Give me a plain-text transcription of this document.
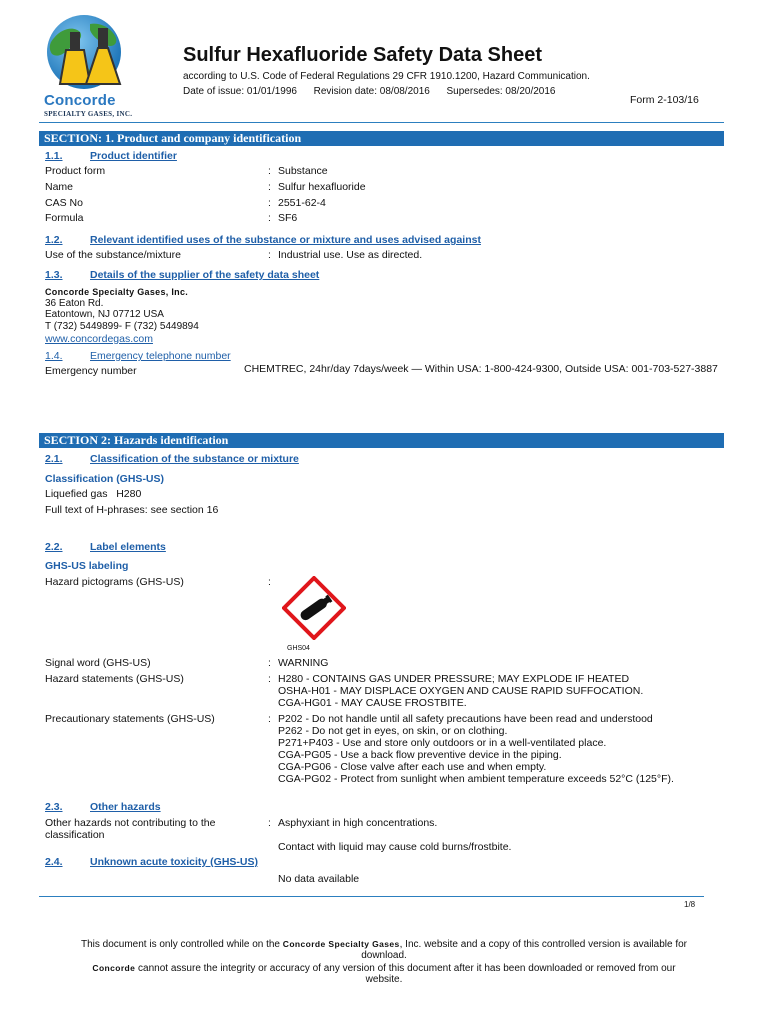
Concorde
SPECIALTY GASES, INC.
Sulfur Hexafluoride Safety Data Sheet
according to U.S. Code of Federal Regulations 29 CFR 1910.1200, Hazard Communication.
Date of issue: 01/01/1996      Revision date: 08/08/2016      Supersedes: 08/20/2016
Form 2-103/16
SECTION: 1. Product and company identification
1.1.	Product identifier
Product form	: Substance
Name	: Sulfur hexafluoride
CAS No	: 2551-62-4
Formula	: SF6
1.2.	Relevant identified uses of the substance or mixture and uses advised against
Use of the substance/mixture	: Industrial use. Use as directed.
1.3.	Details of the supplier of the safety data sheet
Concorde Specialty Gases, Inc.
36 Eaton Rd.
Eatontown, NJ 07712 USA
T (732) 5449899- F (732) 5449894
www.concordegas.com
1.4.	Emergency telephone number
Emergency number	CHEMTREC, 24hr/day 7days/week — Within USA: 1-800-424-9300, Outside USA: 001-703-527-3887
SECTION 2: Hazards identification
2.1.	Classification of the substance or mixture
Classification (GHS-US)
Liquefied gas   H280
Full text of H-phrases: see section 16
2.2.	Label elements
GHS-US labeling
Hazard pictograms (GHS-US)	:
GHS04
Signal word (GHS-US)	: WARNING
Hazard statements (GHS-US)	: H280 - CONTAINS GAS UNDER PRESSURE; MAY EXPLODE IF HEATED
OSHA-H01 - MAY DISPLACE OXYGEN AND CAUSE RAPID SUFFOCATION.
CGA-HG01 - MAY CAUSE FROSTBITE.
Precautionary statements (GHS-US)	: P202 - Do not handle until all safety precautions have been read and understood
P262 - Do not get in eyes, on skin, or on clothing.
P271+P403 - Use and store only outdoors or in a well-ventilated place.
CGA-PG05 - Use a back flow preventive device in the piping.
CGA-PG06 - Close valve after each use and when empty.
CGA-PG02 - Protect from sunlight when ambient temperature exceeds 52°C (125°F).
2.3.	Other hazards
Other hazards not contributing to the
classification
: Asphyxiant in high concentrations.
Contact with liquid may cause cold burns/frostbite.
2.4.	Unknown acute toxicity (GHS-US)
No data available
1/8
This document is only controlled while on the Concorde Specialty Gases, Inc. website and a copy of this controlled version is available for
download.
Concorde cannot assure the integrity or accuracy of any version of this document after it has been downloaded or removed from our
website.
